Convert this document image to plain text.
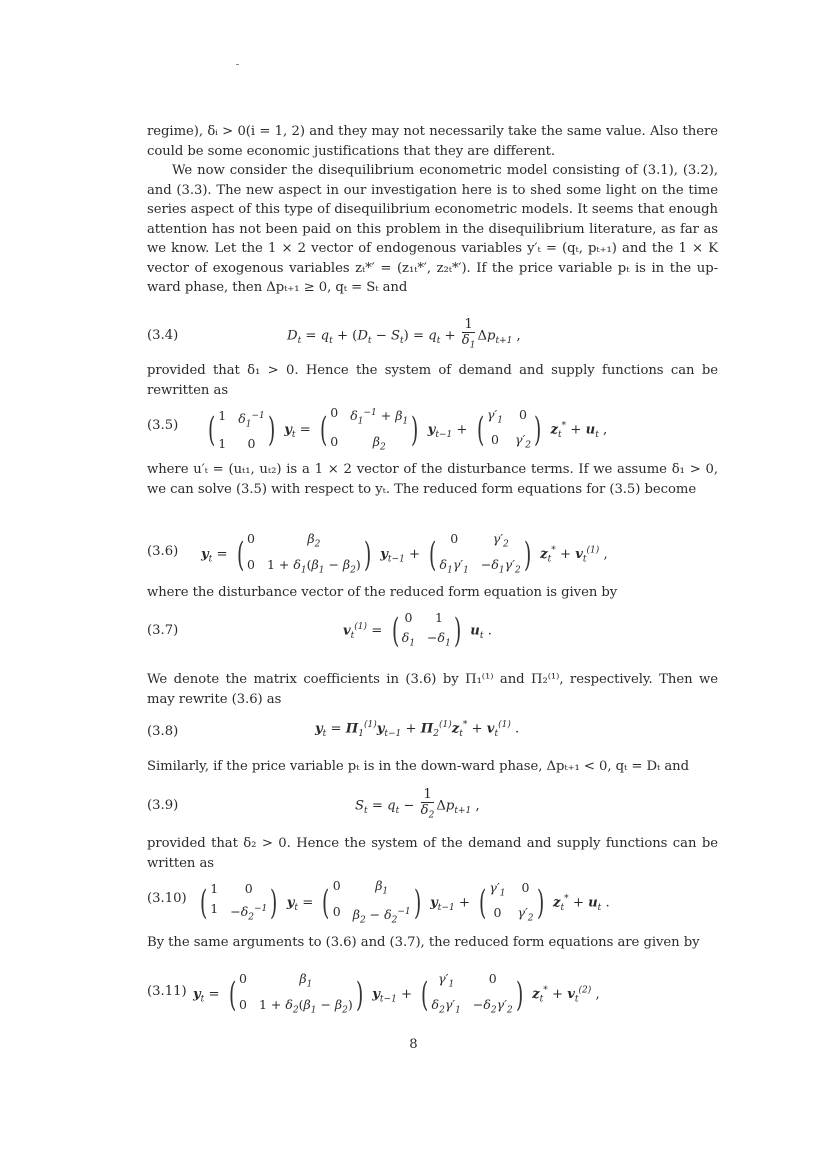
regime), δᵢ > 0(i = 1, 2) and they may not necessarily take the same value. Also there could be some economic justifications that they are different.
We now consider the disequilibrium econometric model consisting of (3.1), (3.2), and (3.3). The new aspect in our investigation here is to shed some light on the time series aspect of this type of disequilibrium econometric models. It seems that enough attention has not been paid on this problem in the disequilibrium literature, as far as we know. Let the 1 × 2 vector of endogenous variables y′ₜ = (qₜ, pₜ₊₁) and the 1 × K vector of exogenous variables zₜ*′ = (z₁ₜ*′, z₂ₜ*′). If the price variable pₜ is in the up-ward phase, then Δpₜ₊₁ ≥ 0, qₜ = Sₜ and
(3.4)	$D_t = q_t + (D_t - S_t) = q_t + \frac{1}{\delta_1} \Delta p_{t+1}$ ,
provided that δ₁ > 0. Hence the system of demand and supply functions can be rewritten as
(3.5) ( 1 $\delta_1^{-1}$
1	0 ) $y_t$ = ( 0 $\delta_1^{-1} + \beta_1$
0	$\beta_2$ ) $y_{t-1}$ + ( $\gamma'_1$	0
0	$\gamma'_2$ ) $z_t^* + u_t$ ,
where u′ₜ = (uₜ₁, uₜ₂) is a 1 × 2 vector of the disturbance terms. If we assume δ₁ > 0, we can solve (3.5) with respect to yₜ. The reduced form equations for (3.5) become
(3.6) $y_t$ = ( 0	$\beta_2$
0 $1 + \delta_1(\beta_1 - \beta_2)$ ) $y_{t-1}$ + (	0	$\gamma'_2$
$\delta_1\gamma'_1 -\delta_1\gamma'_2$ ) $z_t^* + v_t^{(1)}$ ,
where the disturbance vector of the reduced form equation is given by
(3.7)	$v_t^{(1)}$ = ( 0	1
$\delta_1 -\delta_1$ ) $u_t$ .
We denote the matrix coefficients in (3.6) by Π₁⁽¹⁾ and Π₂⁽¹⁾, respectively. Then we may rewrite (3.6) as
(3.8)	$y_t = \Pi_1^{(1)}y_{t-1} + \Pi_2^{(1)}z_t^* + v_t^{(1)}$ .
Similarly, if the price variable pₜ is in the down-ward phase, Δpₜ₊₁ < 0, qₜ = Dₜ and
(3.9)	$S_t = q_t - \frac{1}{\delta_2} \Delta p_{t+1}$ ,
provided that δ₂ > 0. Hence the system of the demand and supply functions can be written as
(3.10) ( 1	0
$1 -\delta_2^{-1}$ ) $y_t$ = ( 0	$\beta_1$
0 $\beta_2 - \delta_2^{-1}$ ) $y_{t-1}$ + ( $\gamma'_1$	0
0	$\gamma'_2$ ) $z_t^* + u_t$ .
By the same arguments to (3.6) and (3.7), the reduced form equations are given by
(3.11) $y_t$ = ( 0	$\beta_1$
0 $1 + \delta_2(\beta_1 - \beta_2)$ ) $y_{t-1}$ + ( $\gamma'_1$	0
$\delta_2\gamma'_1 -\delta_2\gamma'_2$ ) $z_t^* + v_t^{(2)}$ ,
8
